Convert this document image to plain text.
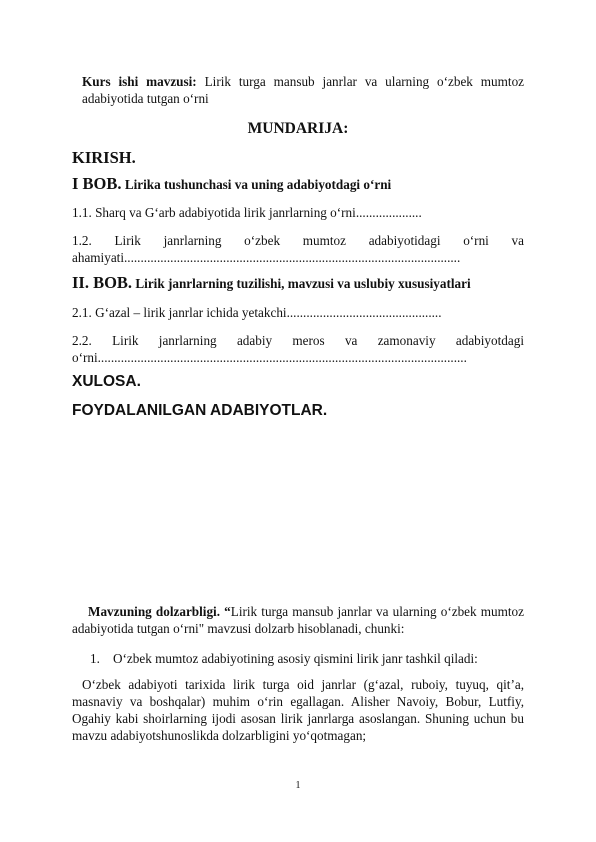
Kurs ishi mavzusi: Lirik turga mansub janrlar va ularning o‘zbek mumtoz adabiyotida tutgan o‘rni
MUNDARIJA:
KIRISH.
I BOB. Lirika tushunchasi va uning adabiyotdagi o‘rni
1.1. Sharq va G‘arb adabiyotida lirik janrlarning o‘rni....................
1.2. Lirik janrlarning o‘zbek mumtoz adabiyotidagi o‘rni va
ahamiyati......................................................................................................
II. BOB. Lirik janrlarning tuzilishi, mavzusi va uslubiy xususiyatlari
2.1. G‘azal – lirik janrlar ichida yetakchi...............................................
2.2. Lirik janrlarning adabiy meros va zamonaviy adabiyotdagi
o‘rni................................................................................................................
XULOSA.
FOYDALANILGAN ADABIYOTLAR.
Mavzuning dolzarbligi. “Lirik turga mansub janrlar va ularning o‘zbek mumtoz adabiyotida tutgan o‘rni" mavzusi dolzarb hisoblanadi, chunki:
1. O‘zbek mumtoz adabiyotining asosiy qismini lirik janr tashkil qiladi:
O‘zbek adabiyoti tarixida lirik turga oid janrlar (g‘azal, ruboiy, tuyuq, qit’a, masnaviy va boshqalar) muhim o‘rin egallagan. Alisher Navoiy, Bobur, Lutfiy, Ogahiy kabi shoirlarning ijodi asosan lirik janrlarga asoslangan. Shuning uchun bu mavzu adabiyotshunoslikda dolzarbligini yo‘qotmagan;
1
